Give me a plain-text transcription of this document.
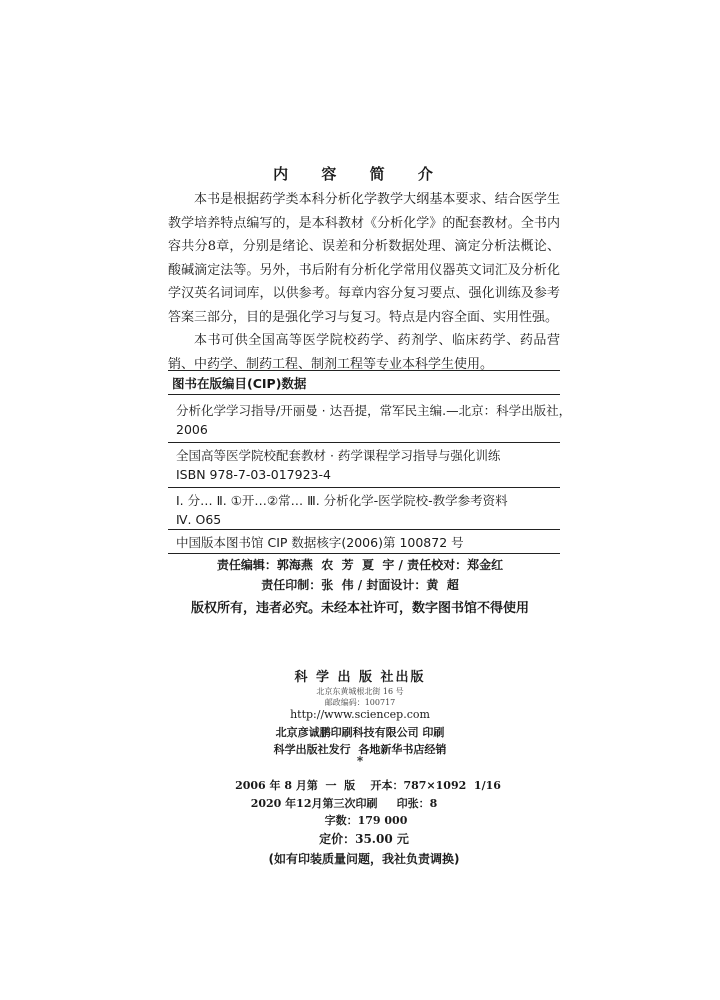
内 容 简 介

本书是根据药学类本科分析化学教学大纲基本要求、结合医学生教学培养特点编写的，是本科教材《分析化学》的配套教材。全书内容共分8章，分别是绪论、误差和分析数据处理、滴定分析法概论、酸碱滴定法等。另外，书后附有分析化学常用仪器英文词汇及分析化学汉英名词词库，以供参考。每章内容分复习要点、强化训练及参考答案三部分，目的是强化学习与复习。特点是内容全面、实用性强。

本书可供全国高等医学院校药学、药剂学、临床药学、药品营销、中药学、制药工程、制剂工程等专业本科学生使用。

图书在版编目(CIP)数据
分析化学学习指导/开丽曼 · 达吾提，常军民主编.—北京：科学出版社，
2006
全国高等医学院校配套教材 · 药学课程学习指导与强化训练
ISBN 978-7-03-017923-4
Ⅰ. 分… Ⅱ. ①开…②常… Ⅲ. 分析化学-医学院校-教学参考资料
Ⅳ. O65
中国版本图书馆 CIP 数据核字(2006)第 100872 号
责任编辑：郭海燕  农  芳  夏  宇 / 责任校对：郑金红
责任印制：张  伟 / 封面设计：黄  超
版权所有，违者必究。未经本社许可，数字图书馆不得使用
科 学 出 版 社出版
北京东黄城根北街 16 号
邮政编码：100717
http://www.sciencep.com
北京彦诚鹏印刷科技有限公司 印刷
科学出版社发行  各地新华书店经销
*
2006 年 8 月第  一  版    开本：787×1092  1/16
2020 年12月第三次印刷     印张：8
字数：179 000
定价：35.00 元
(如有印装质量问题，我社负责调换)
